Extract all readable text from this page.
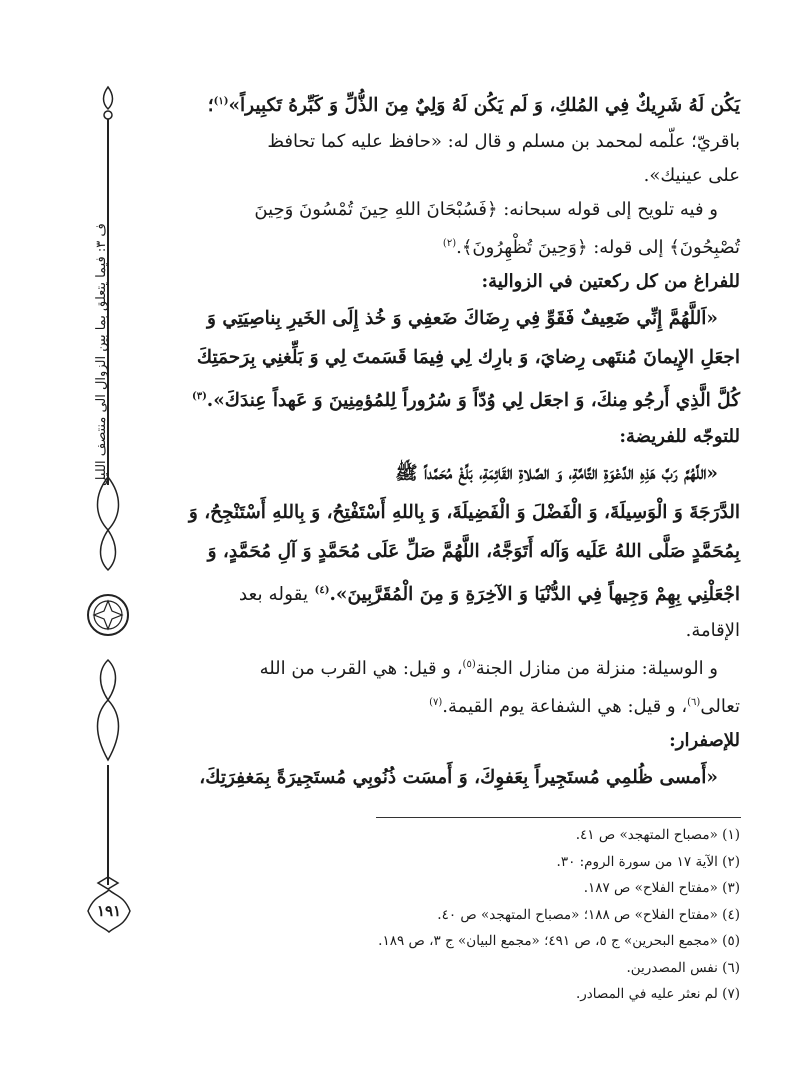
ف ٣: فيما يتعلق بما بين الزوال الى منتصف الليل
١٩١

يَكُن لَهُ شَرِيكٌ فِي المُلكِ، وَ لَم يَكُن لَهُ وَلِيٌ مِنَ الذُّلِّ وَ كَبِّرهُ تَكبِيراً»$^{(١)}$؛

باقريّ؛ علّمه لمحمد بن مسلم و قال له: «حافظ عليه كما تحافظ

على عينيك».

و فيه تلويح إلى قوله سبحانه: ﴿فَسُبْحَانَ اللهِ حِينَ تُمْسُونَ وَحِينَ

تُصْبِحُونَ﴾ إلى قوله: ﴿وَحِينَ تُظْهِرُونَ﴾.$^{(٢)}$

للفراغ من كل ركعتين في الزوالية:

«اَللَّهُمَّ إِنِّي ضَعِيفٌ فَقَوِّ فِي رِضَاكَ ضَعفِي وَ خُذ إِلَى الخَيرِ بِناصِيَتِي وَ

اجعَلِ الإِيمانَ مُنتَهى رِضايَ، وَ بارِك لِي فِيمَا قَسَمتَ لِي وَ بَلِّغنِي بِرَحمَتِكَ

كُلَّ الَّذِي أَرجُو مِنكَ، وَ اجعَل لِي وُدّاً وَ سُرُوراً لِلمُؤمِنِينَ وَ عَهداً عِندَكَ».$^{(٣)}$

للتوجّه للفريضة:

«اللَّهُمَّ رَبَّ هَذِهِ الدَّعْوَةِ التَّامَّةِ، وَ الصَّلاةِ القَائِمَةِ، بَلِّغْ مُحَمَّداً ﷺ

الدَّرَجَةَ وَ الْوَسِيلَةَ، وَ الْفَضْلَ وَ الْفَضِيلَةَ، وَ بِاللهِ أَسْتَفْتِحُ، وَ بِاللهِ أَسْتَنْجِحُ، وَ

بِمُحَمَّدٍ صَلَّى اللهُ عَلَيه وَآله أَتَوَجَّهُ، اللَّهُمَّ صَلِّ عَلَى مُحَمَّدٍ وَ آلِ مُحَمَّدٍ، وَ

اجْعَلْنِي بِهِمْ وَجِيهاً فِي الدُّنْيَا وَ الآخِرَةِ وَ مِنَ الْمُقَرَّبِينَ».$^{(٤)}$ يقوله بعد

الإقامة.

و الوسيلة: منزلة من منازل الجنة$^{(٥)}$، و قيل: هي القرب من الله

تعالى$^{(٦)}$، و قيل: هي الشفاعة يوم القيمة.$^{(٧)}$

للإصفرار:

«أَمسى ظُلمِي مُستَجِيراً بِعَفوِكَ، وَ أَمسَت ذُنُوبِي مُستَجِيرَةً بِمَغفِرَتِكَ،

(١) «مصباح المتهجد» ص ٤١.

(٢) الآية ١٧ من سورة الروم: ٣٠.

(٣) «مفتاح الفلاح» ص ١٨٧.

(٤) «مفتاح الفلاح» ص ١٨٨؛ «مصباح المتهجد» ص ٤٠.

(٥) «مجمع البحرين» ج ٥، ص ٤٩١؛ «مجمع البيان» ج ٣، ص ١٨٩.

(٦) نفس المصدرين.

(٧) لم نعثر عليه في المصادر.
